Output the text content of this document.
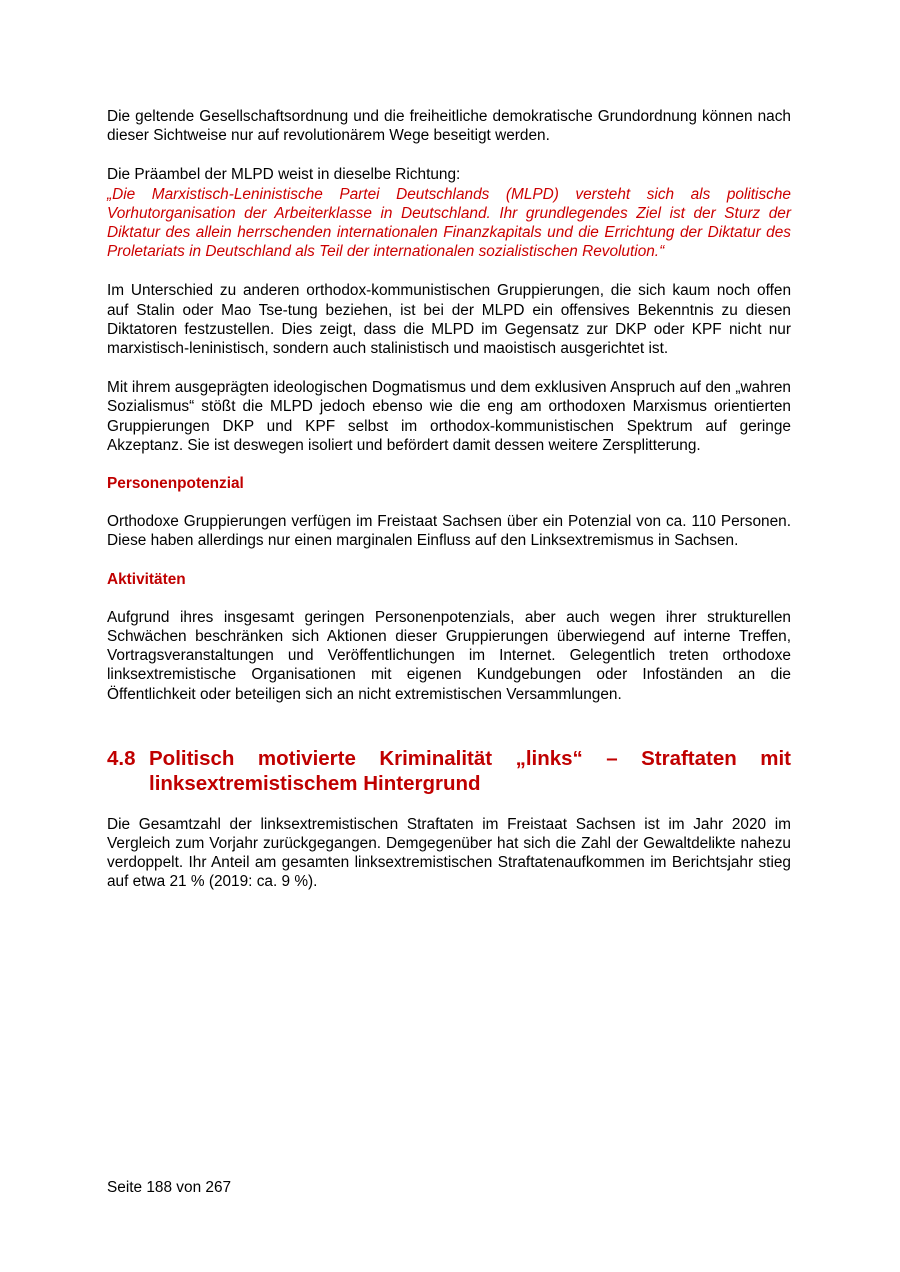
Die geltende Gesellschaftsordnung und die freiheitliche demokratische Grundordnung können nach dieser Sichtweise nur auf revolutionärem Wege beseitigt werden.

Die Präambel der MLPD weist in dieselbe Richtung:

„Die Marxistisch-Leninistische Partei Deutschlands (MLPD) versteht sich als politische Vorhutorganisation der Arbeiterklasse in Deutschland. Ihr grundlegendes Ziel ist der Sturz der Diktatur des allein herrschenden internationalen Finanzkapitals und die Errichtung der Diktatur des Proletariats in Deutschland als Teil der internationalen sozialistischen Revolution.“

Im Unterschied zu anderen orthodox-kommunistischen Gruppierungen, die sich kaum noch offen auf Stalin oder Mao Tse-tung beziehen, ist bei der MLPD ein offensives Bekenntnis zu diesen Diktatoren festzustellen. Dies zeigt, dass die MLPD im Gegensatz zur DKP oder KPF nicht nur marxistisch-leninistisch, sondern auch stalinistisch und maoistisch ausgerichtet ist.

Mit ihrem ausgeprägten ideologischen Dogmatismus und dem exklusiven Anspruch auf den „wahren Sozialismus“ stößt die MLPD jedoch ebenso wie die eng am orthodoxen Marxismus orientierten Gruppierungen DKP und KPF selbst im orthodox-kommunistischen Spektrum auf geringe Akzeptanz. Sie ist deswegen isoliert und befördert damit dessen weitere Zersplitterung.

Personenpotenzial

Orthodoxe Gruppierungen verfügen im Freistaat Sachsen über ein Potenzial von ca. 110 Personen. Diese haben allerdings nur einen marginalen Einfluss auf den Linksextremismus in Sachsen.

Aktivitäten

Aufgrund ihres insgesamt geringen Personenpotenzials, aber auch wegen ihrer strukturellen Schwächen beschränken sich Aktionen dieser Gruppierungen überwiegend auf interne Treffen, Vortragsveranstaltungen und Veröffentlichungen im Internet. Gelegentlich treten orthodoxe linksextremistische Organisationen mit eigenen Kundgebungen oder Infoständen an die Öffentlichkeit oder beteiligen sich an nicht extremistischen Versammlungen.

4.8 Politisch motivierte Kriminalität „links“ – Straftaten mit
linksextremistischem Hintergrund

Die Gesamtzahl der linksextremistischen Straftaten im Freistaat Sachsen ist im Jahr 2020 im Vergleich zum Vorjahr zurückgegangen. Demgegenüber hat sich die Zahl der Gewaltdelikte nahezu verdoppelt. Ihr Anteil am gesamten linksextremistischen Straftatenaufkommen im Berichtsjahr stieg auf etwa 21 % (2019: ca. 9 %).

Seite 188 von 267
